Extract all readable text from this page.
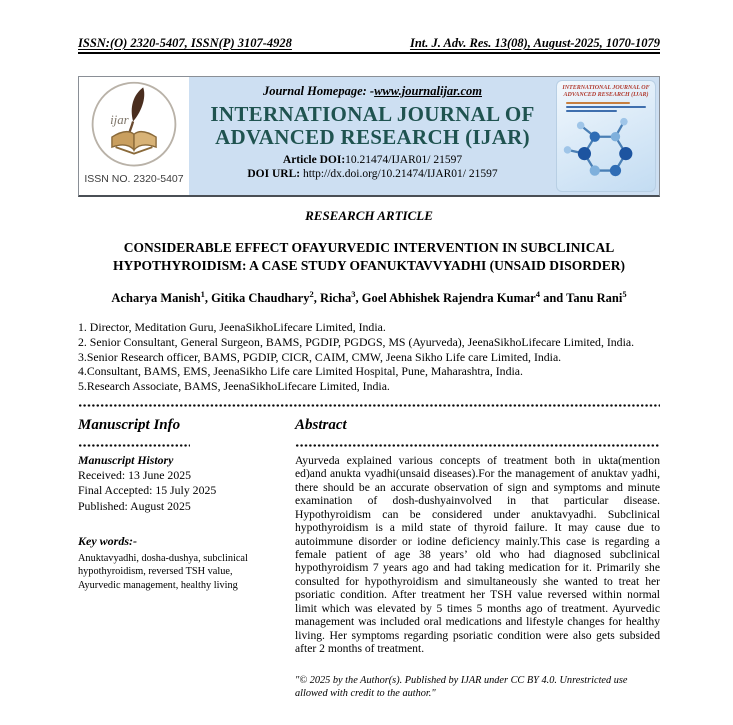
ISSN:(O) 2320-5407, ISSN(P) 3107-4928	Int. J. Adv. Res. 13(08), August-2025, 1070-1079
ijar
ISSN NO. 2320-5407
Journal Homepage: -www.journalijar.com
INTERNATIONAL JOURNAL OF
ADVANCED RESEARCH (IJAR)
Article DOI:10.21474/IJAR01/ 21597
DOI URL: http://dx.doi.org/10.21474/IJAR01/ 21597
INTERNATIONAL JOURNAL OF ADVANCED RESEARCH (IJAR)
RESEARCH ARTICLE
CONSIDERABLE EFFECT OFAYURVEDIC INTERVENTION IN SUBCLINICAL HYPOTHYROIDISM: A CASE STUDY OFANUKTAVVYADHI (UNSAID DISORDER)
Acharya Manish$^1$, Gitika Chaudhary$^2$, Richa$^3$, Goel Abhishek Rajendra Kumar$^4$ and Tanu Rani$^5$
1. Director, Meditation Guru, JeenaSikhoLifecare Limited, India.
2. Senior Consultant, General Surgeon, BAMS, PGDIP, PGDGS, MS (Ayurveda), JeenaSikhoLifecare Limited, India.
3.Senior Research officer, BAMS, PGDIP, CICR, CAIM, CMW, Jeena Sikho Life care Limited, India.
4.Consultant, BAMS, EMS, JeenaSikho Life care Limited Hospital, Pune, Maharashtra, India.
5.Research Associate, BAMS, JeenaSikhoLifecare Limited, India.
Manuscript Info
Manuscript History
Received: 13 June 2025
Final Accepted: 15 July 2025
Published: August 2025
Key words:-
Anuktavyadhi, dosha-dushya, subclinical hypothyroidism, reversed TSH value, Ayurvedic management, healthy living
Abstract

Ayurveda explained various concepts of treatment both in ukta(mention ed)and anukta vyadhi(unsaid diseases).For the management of anuktav yadhi, there should be an accurate observation of sign and symptoms and minute examination of dosh-dushyainvolved in that particular disease. Hypothyroidism can be considered under anuktavyadhi. Subclinical hypothyroidism is a mild state of thyroid failure. It may cause due to autoimmune disorder or iodine deficiency mainly.This case is regarding a female patient of age 38 years’ old who had diagnosed subclinical hypothyroidism 7 years ago and had taking medication for it. Primarily she consulted for hypothyroidism and simultaneously she wanted to treat her psoriatic condition. After treatment her TSH value reversed within normal limit which was elevated by 5 times 5 months ago of treatment. Ayurvedic management was included oral medications and lifestyle changes for healthy living. Her symptoms regarding psoriatic condition were also gets subsided after 2 months of treatment.

"© 2025 by the Author(s). Published by IJAR under CC BY 4.0. Unrestricted use allowed with credit to the author."
